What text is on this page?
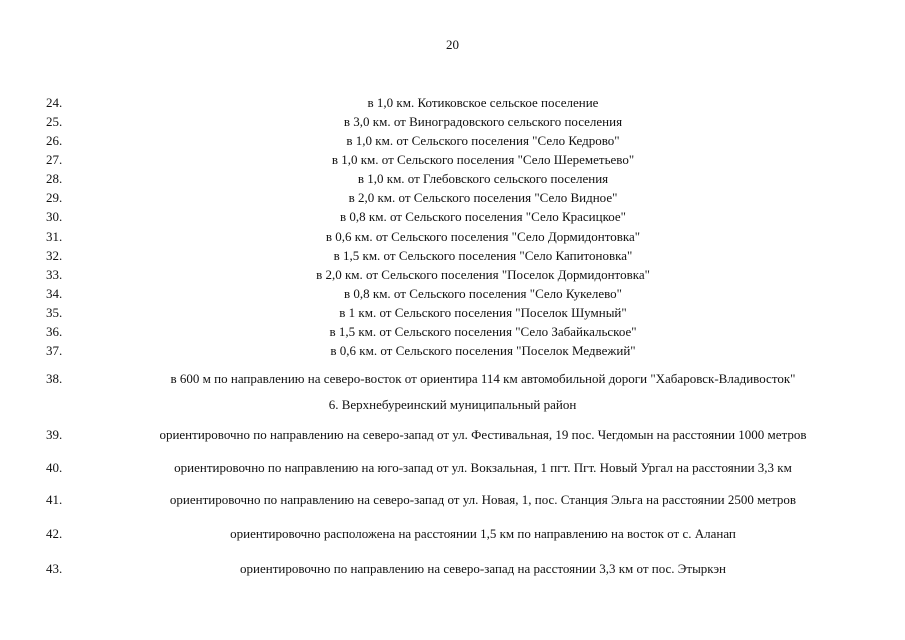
20
24.	в 1,0 км. Котиковское сельское поселение
25.	в 3,0 км. от Виноградовского сельского поселения
26.	в 1,0 км. от Сельского поселения "Село Кедрово"
27.	в 1,0 км. от Сельского поселения "Село Шереметьево"
28.	в 1,0 км. от Глебовского сельского поселения
29.	в 2,0 км. от Сельского поселения "Село Видное"
30.	в 0,8 км. от Сельского поселения "Село Красицкое"
31.	в 0,6 км. от Сельского поселения "Село Дормидонтовка"
32.	в 1,5 км. от Сельского поселения "Село Капитоновка"
33.	в 2,0 км. от Сельского поселения "Поселок Дормидонтовка"
34.	в 0,8 км. от Сельского поселения "Село Кукелево"
35.	в 1 км. от Сельского поселения "Поселок Шумный"
36.	в 1,5 км. от Сельского поселения "Село Забайкальское"
37.	в 0,6 км. от Сельского поселения "Поселок Медвежий"
38.	в 600 м по направлению на северо-восток от ориентира 114 км автомобильной дороги "Хабаровск-Владивосток"
6. Верхнебуреинский муниципальный район
39.	ориентировочно по направлению на северо-запад от ул. Фестивальная, 19 пос. Чегдомын на расстоянии 1000 метров
40.	ориентировочно по направлению на юго-запад от ул. Вокзальная, 1 пгт. Пгт. Новый Ургал на расстоянии 3,3 км
41.	ориентировочно по направлению на северо-запад от ул. Новая, 1, пос. Станция Эльга на расстоянии 2500 метров
42.	ориентировочно расположена на расстоянии 1,5 км по направлению на восток от с. Аланап
43.	ориентировочно по направлению на северо-запад на расстоянии 3,3 км от пос. Этыркэн
